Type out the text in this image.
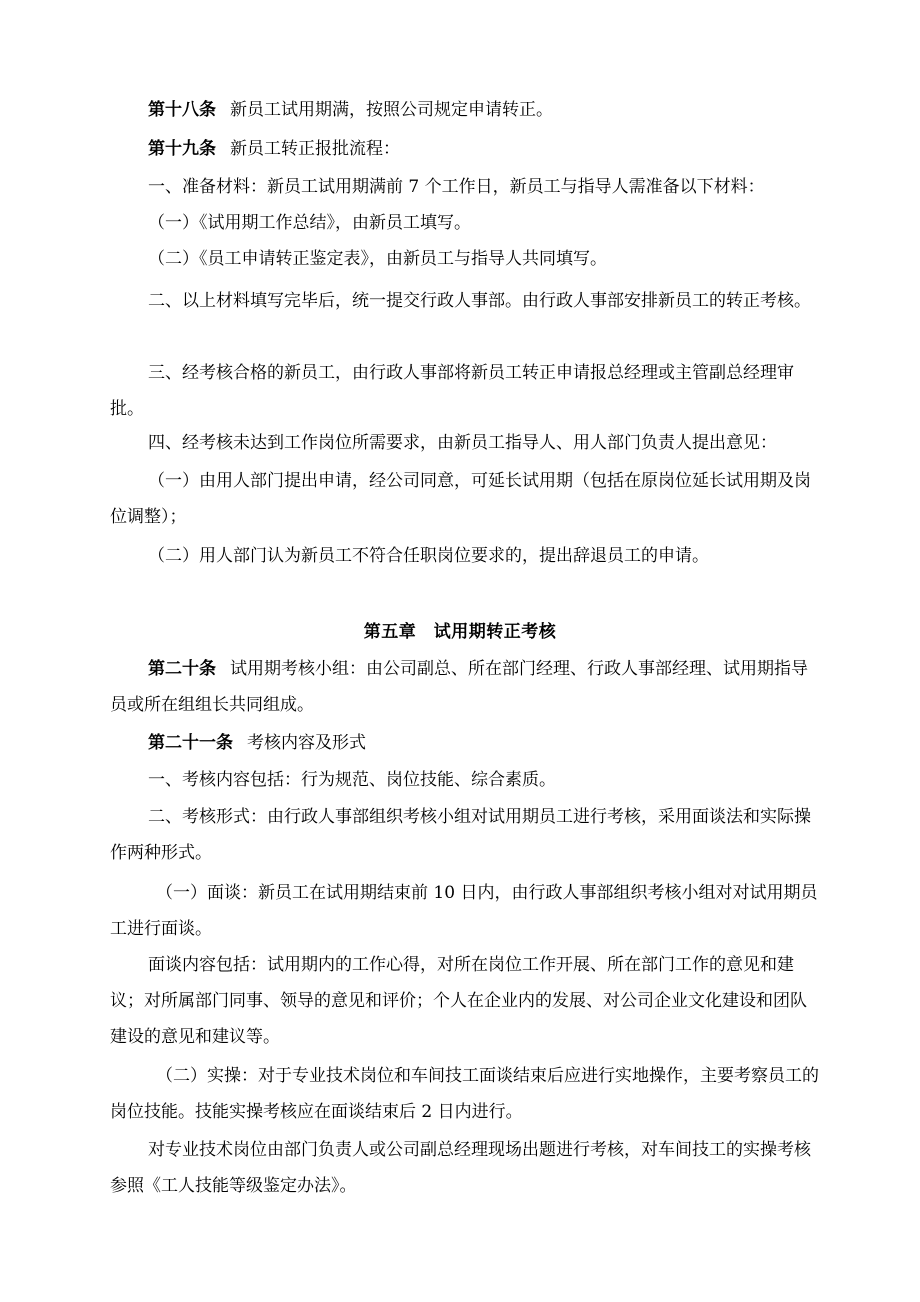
第十八条 新员工试用期满，按照公司规定申请转正。

第十九条 新员工转正报批流程：

一、准备材料：新员工试用期满前 7 个工作日，新员工与指导人需准备以下材料：

（一）《试用期工作总结》，由新员工填写。

（二）《员工申请转正鉴定表》，由新员工与指导人共同填写。

二、以上材料填写完毕后，统一提交行政人事部。由行政人事部安排新员工的转正考核。

三、经考核合格的新员工，由行政人事部将新员工转正申请报总经理或主管副总经理审批。

四、经考核未达到工作岗位所需要求，由新员工指导人、用人部门负责人提出意见：

（一）由用人部门提出申请，经公司同意，可延长试用期（包括在原岗位延长试用期及岗位调整）；

（二）用人部门认为新员工不符合任职岗位要求的，提出辞退员工的申请。

第五章　试用期转正考核

第二十条 试用期考核小组：由公司副总、所在部门经理、行政人事部经理、试用期指导员或所在组组长共同组成。

第二十一条 考核内容及形式

一、考核内容包括：行为规范、岗位技能、综合素质。

二、考核形式：由行政人事部组织考核小组对试用期员工进行考核，采用面谈法和实际操作两种形式。

（一）面谈：新员工在试用期结束前 10 日内，由行政人事部组织考核小组对对试用期员工进行面谈。

面谈内容包括：试用期内的工作心得，对所在岗位工作开展、所在部门工作的意见和建议；对所属部门同事、领导的意见和评价；个人在企业内的发展、对公司企业文化建设和团队建设的意见和建议等。

（二）实操：对于专业技术岗位和车间技工面谈结束后应进行实地操作，主要考察员工的岗位技能。技能实操考核应在面谈结束后 2 日内进行。

对专业技术岗位由部门负责人或公司副总经理现场出题进行考核，对车间技工的实操考核参照《工人技能等级鉴定办法》。
